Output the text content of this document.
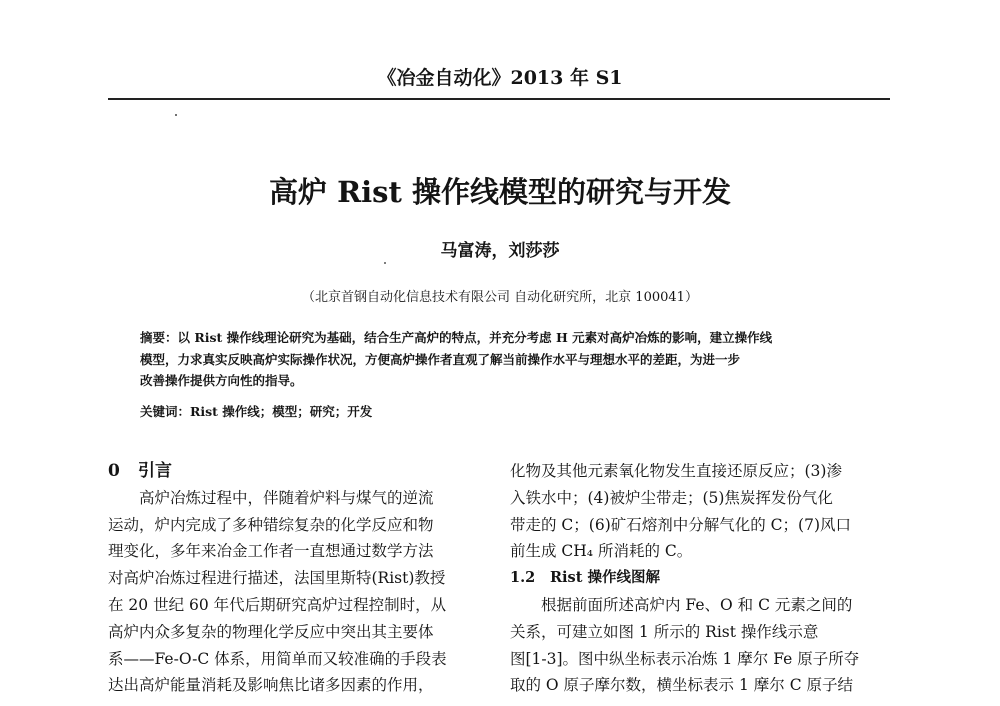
《冶金自动化》2013 年 S1
高炉 Rist 操作线模型的研究与开发
马富涛，刘莎莎
（北京首钢自动化信息技术有限公司 自动化研究所，北京 100041）
摘要：以 Rist 操作线理论研究为基础，结合生产高炉的特点，并充分考虑 H 元素对高炉冶炼的影响，建立操作线
模型，力求真实反映高炉实际操作状况，方便高炉操作者直观了解当前操作水平与理想水平的差距，为进一步
改善操作提供方向性的指导。
关键词：Rist 操作线；模型；研究；开发
0 引言
高炉冶炼过程中，伴随着炉料与煤气的逆流
运动，炉内完成了多种错综复杂的化学反应和物
理变化，多年来冶金工作者一直想通过数学方法
对高炉冶炼过程进行描述，法国里斯特(Rist)教授
在 20 世纪 60 年代后期研究高炉过程控制时，从
高炉内众多复杂的物理化学反应中突出其主要体
系——Fe-O-C 体系，用简单而又较准确的手段表
达出高炉能量消耗及影响焦比诸多因素的作用，
化物及其他元素氧化物发生直接还原反应；(3)渗
入铁水中；(4)被炉尘带走；(5)焦炭挥发份气化
带走的 C；(6)矿石熔剂中分解气化的 C；(7)风口
前生成 CH₄ 所消耗的 C。
1.2 Rist 操作线图解
根据前面所述高炉内 Fe、O 和 C 元素之间的
关系，可建立如图 1 所示的 Rist 操作线示意
图[1-3]。图中纵坐标表示冶炼 1 摩尔 Fe 原子所夺
取的 O 原子摩尔数，横坐标表示 1 摩尔 C 原子结
